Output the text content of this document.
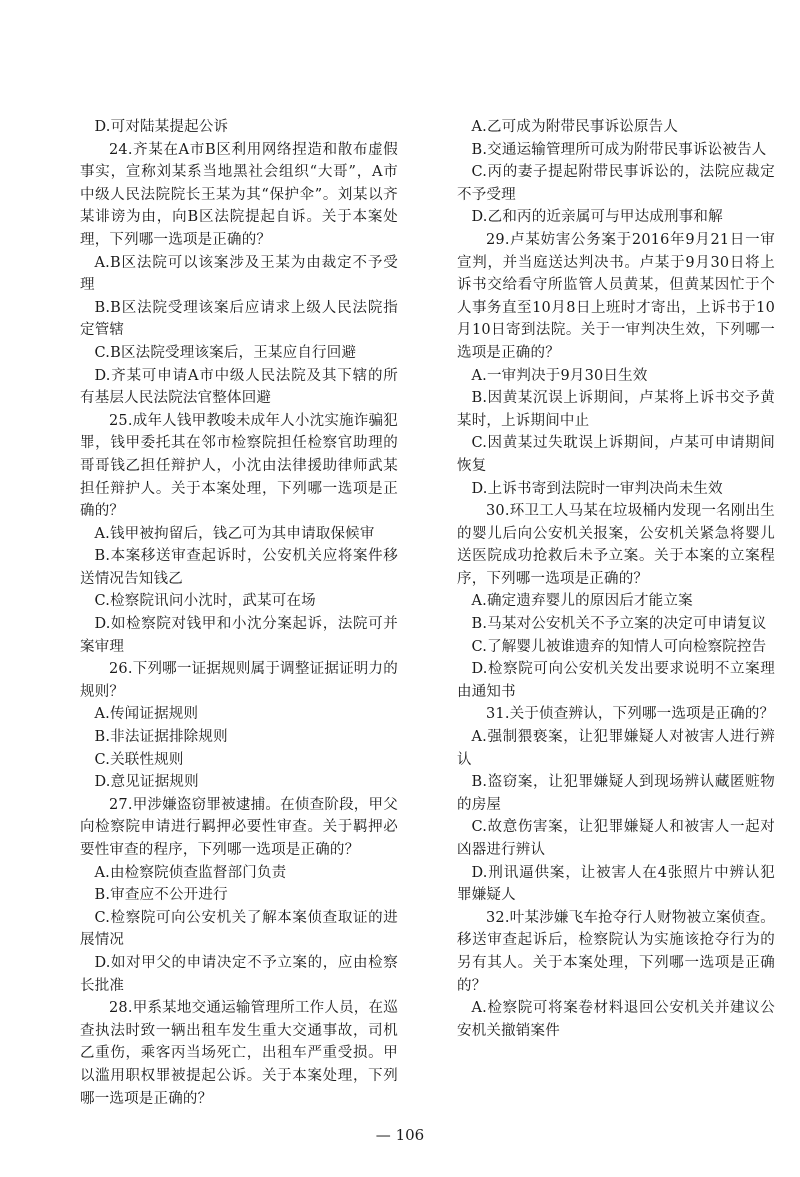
D.可对陆某提起公诉

24.齐某在A市B区利用网络捏造和散布虚假事实，宣称刘某系当地黑社会组织“大哥”，A市中级人民法院院长王某为其“保护伞”。刘某以齐某诽谤为由，向B区法院提起自诉。关于本案处理，下列哪一选项是正确的？

A.B区法院可以该案涉及王某为由裁定不予受理

B.B区法院受理该案后应请求上级人民法院指定管辖

C.B区法院受理该案后，王某应自行回避

D.齐某可申请A市中级人民法院及其下辖的所有基层人民法院法官整体回避

25.成年人钱甲教唆未成年人小沈实施诈骗犯罪，钱甲委托其在邻市检察院担任检察官助理的哥哥钱乙担任辩护人，小沈由法律援助律师武某担任辩护人。关于本案处理，下列哪一选项是正确的？

A.钱甲被拘留后，钱乙可为其申请取保候审

B.本案移送审查起诉时，公安机关应将案件移送情况告知钱乙

C.检察院讯问小沈时，武某可在场

D.如检察院对钱甲和小沈分案起诉，法院可并案审理

26.下列哪一证据规则属于调整证据证明力的规则？

A.传闻证据规则

B.非法证据排除规则

C.关联性规则

D.意见证据规则

27.甲涉嫌盗窃罪被逮捕。在侦查阶段，甲父向检察院申请进行羁押必要性审查。关于羁押必要性审查的程序，下列哪一选项是正确的？

A.由检察院侦查监督部门负责

B.审查应不公开进行

C.检察院可向公安机关了解本案侦查取证的进展情况

D.如对甲父的申请决定不予立案的，应由检察长批准

28.甲系某地交通运输管理所工作人员，在巡查执法时致一辆出租车发生重大交通事故，司机乙重伤，乘客丙当场死亡，出租车严重受损。甲以滥用职权罪被提起公诉。关于本案处理，下列哪一选项是正确的？

A.乙可成为附带民事诉讼原告人

B.交通运输管理所可成为附带民事诉讼被告人

C.丙的妻子提起附带民事诉讼的，法院应裁定不予受理

D.乙和丙的近亲属可与甲达成刑事和解

29.卢某妨害公务案于2016年9月21日一审宣判，并当庭送达判决书。卢某于9月30日将上诉书交给看守所监管人员黄某，但黄某因忙于个人事务直至10月8日上班时才寄出，上诉书于10月10日寄到法院。关于一审判决生效，下列哪一选项是正确的？

A.一审判决于9月30日生效

B.因黄某沉误上诉期间，卢某将上诉书交予黄某时，上诉期间中止

C.因黄某过失耽误上诉期间，卢某可申请期间恢复

D.上诉书寄到法院时一审判决尚未生效

30.环卫工人马某在垃圾桶内发现一名刚出生的婴儿后向公安机关报案，公安机关紧急将婴儿送医院成功抢救后未予立案。关于本案的立案程序，下列哪一选项是正确的？

A.确定遗弃婴儿的原因后才能立案

B.马某对公安机关不予立案的决定可申请复议

C.了解婴儿被谁遗弃的知情人可向检察院控告

D.检察院可向公安机关发出要求说明不立案理由通知书

31.关于侦查辨认，下列哪一选项是正确的？

A.强制猥亵案，让犯罪嫌疑人对被害人进行辨认

B.盗窃案，让犯罪嫌疑人到现场辨认藏匿赃物的房屋

C.故意伤害案，让犯罪嫌疑人和被害人一起对凶器进行辨认

D.刑讯逼供案，让被害人在4张照片中辨认犯罪嫌疑人

32.叶某涉嫌飞车抢夺行人财物被立案侦查。移送审查起诉后，检察院认为实施该抢夺行为的另有其人。关于本案处理，下列哪一选项是正确的？

A.检察院可将案卷材料退回公安机关并建议公安机关撤销案件

— 106
